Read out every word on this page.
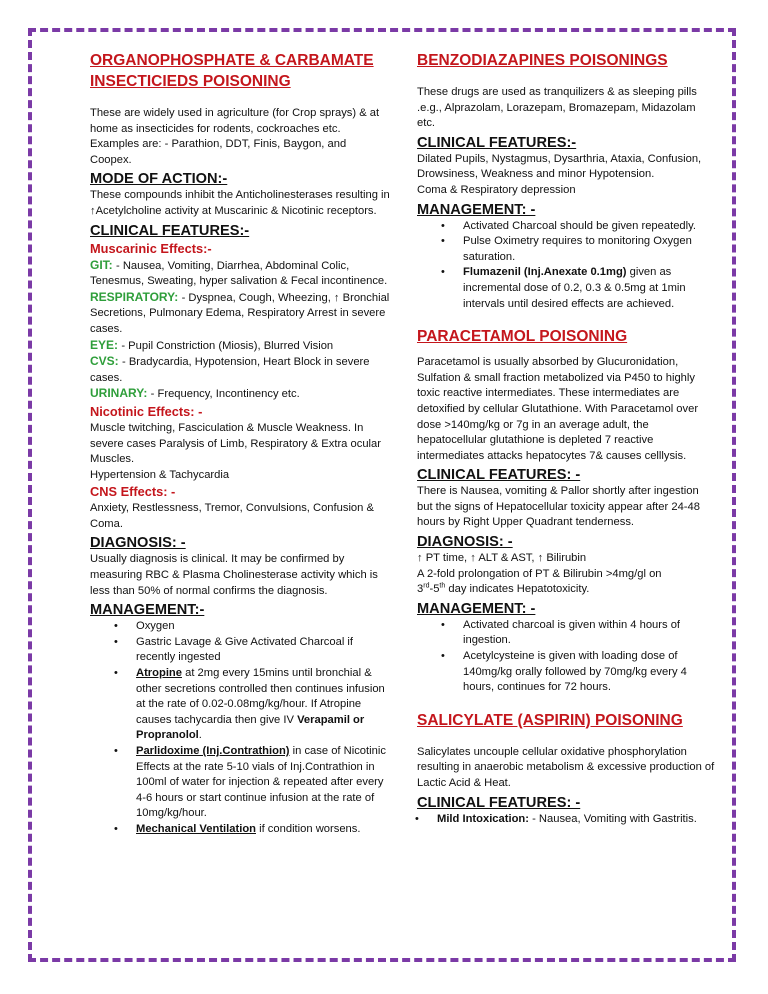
ORGANOPHOSPHATE & CARBAMATE INSECTICIEDS POISONING

These are widely used in agriculture (for Crop sprays) & at home as insecticides for rodents, cockroaches etc.

Examples are: - Parathion, DDT, Finis, Baygon, and Coopex.

MODE OF ACTION:-

These compounds inhibit the Anticholinesterases resulting in ↑Acetylcholine activity at Muscarinic & Nicotinic receptors.

CLINICAL FEATURES:-
Muscarinic Effects:-

GIT: - Nausea, Vomiting, Diarrhea, Abdominal Colic, Tenesmus, Sweating, hyper salivation & Fecal incontinence.

RESPIRATORY: - Dyspnea, Cough, Wheezing, ↑ Bronchial Secretions, Pulmonary Edema, Respiratory Arrest in severe cases.

EYE: - Pupil Constriction (Miosis), Blurred Vision

CVS: - Bradycardia, Hypotension, Heart Block in severe cases.

URINARY: - Frequency, Incontinency etc.

Nicotinic Effects: -

Muscle twitching, Fasciculation & Muscle Weakness. In severe cases Paralysis of Limb, Respiratory & Extra ocular Muscles.

Hypertension & Tachycardia

CNS Effects: -

Anxiety, Restlessness, Tremor, Convulsions, Confusion & Coma.

DIAGNOSIS: -

Usually diagnosis is clinical. It may be confirmed by measuring RBC & Plasma Cholinesterase activity which is less than 50% of normal confirms the diagnosis.

MANAGEMENT:-
• Oxygen
• Gastric Lavage & Give Activated Charcoal if recently ingested
• Atropine at 2mg every 15mins until bronchial & other secretions controlled then continues infusion at the rate of 0.02-0.08mg/kg/hour. If Atropine causes tachycardia then give IV Verapamil or Propranolol.
• Parlidoxime (Inj.Contrathion) in case of Nicotinic Effects at the rate 5-10 vials of Inj.Contrathion in 100ml of water for injection & repeated after every 4-6 hours or start continue infusion at the rate of 10mg/kg/hour.
• Mechanical Ventilation if condition worsens.
BENZODIAZAPINES POISONINGS

These drugs are used as tranquilizers & as sleeping pills .e.g., Alprazolam, Lorazepam, Bromazepam, Midazolam etc.

CLINICAL FEATURES:-

Dilated Pupils, Nystagmus, Dysarthria, Ataxia, Confusion, Drowsiness, Weakness and minor Hypotension.

Coma & Respiratory depression

MANAGEMENT: -
• Activated Charcoal should be given repeatedly.
• Pulse Oximetry requires to monitoring Oxygen saturation.
• Flumazenil (Inj.Anexate 0.1mg) given as incremental dose of 0.2, 0.3 & 0.5mg at 1min intervals until desired effects are achieved.
PARACETAMOL POISONING

Paracetamol is usually absorbed by Glucuronidation, Sulfation & small fraction metabolized via P450 to highly toxic reactive intermediates. These intermediates are detoxified by cellular Glutathione. With Paracetamol over dose >140mg/kg or 7g in an average adult, the hepatocellular glutathione is depleted 7 reactive intermediates attacks hepatocytes 7& causes celllysis.

CLINICAL FEATURES: -

There is Nausea, vomiting & Pallor shortly after ingestion but the signs of Hepatocellular toxicity appear after 24-48 hours by Right Upper Quadrant tenderness.

DIAGNOSIS: -

↑ PT time, ↑ ALT & AST, ↑ Bilirubin

A 2-fold prolongation of PT & Bilirubin >4mg/gl on

3rd-5th day indicates Hepatotoxicity.

MANAGEMENT: -
• Activated charcoal is given within 4 hours of ingestion.
• Acetylcysteine is given with loading dose of 140mg/kg orally followed by 70mg/kg every 4 hours, continues for 72 hours.
SALICYLATE (ASPIRIN) POISONING

Salicylates uncouple cellular oxidative phosphorylation resulting in anaerobic metabolism & excessive production of Lactic Acid & Heat.

CLINICAL FEATURES: -
• Mild Intoxication: - Nausea, Vomiting with Gastritis.
